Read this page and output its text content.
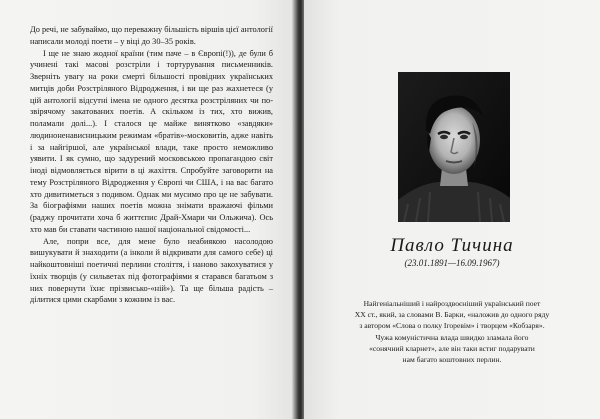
До речі, не забуваймо, що переважну більшість віршів цієї антології написали молоді поети – у віці до 30–35 років.

І ще не знаю жодної країни (тим паче – в Європі(!)), де були б учинені такі масові розстріли і тортурування письменників. Зверніть увагу на роки смерті більшості провідних українських митців доби Розстріляного Відродження, і ви ще раз жахнетеся (у цій антології відсутні імена не одного десятка розстріляних чи по-звірячому закатованих поетів. А скільком із тих, хто вижив, поламали долі...). І сталося це майже винятково «завдяки» людиноненависницьким режимам «братів»-московитів, аджe навіть і за найгіршої, але української влади, таке просто неможливо уявити. І як сумно, що задурений московською пропагандою світ іноді відмовляється вірити в ці жахіття. Спробуйте заговорити на тему Розстріляного Відродження у Європі чи США, і на вас багато хто дивитиметься з подивом. Однак ми мусимо про це не забувати. За біографіями наших поетів можна знімати вражаючі фільми (раджу прочитати хоча б життєпис Драй-Хмари чи Ольжича). Ось хто мав би ставати частиною нашої національної свідомості...

Але, попри все, для мене було неабиякою насолодою вишукувати й знаходити (а інколи й відкривати для самого себе) ці найкоштовніші поетичні перлини століття, і наново закохуватися у їхніх творців (у сильветах під фотографіями я старався багатьом з них повернути їхнє прізвисько-«ній»). Та ще більша радість – ділитися цими скарбами з кожним із вас.

Павло Тичина
(23.01.1891—16.09.1967)

Найгеніальніший і найроздвоєніший український поет

XX ст., який, за словами В. Барки, «наложив до одного ряду

з автором «Слова о полку Ігоревім» і творцем «Кобзаря».

Чужа комуністична влада швидко зламала його

«сонячний кларнет», але він таки встиг подарувати

нам багато коштовних перлин.
